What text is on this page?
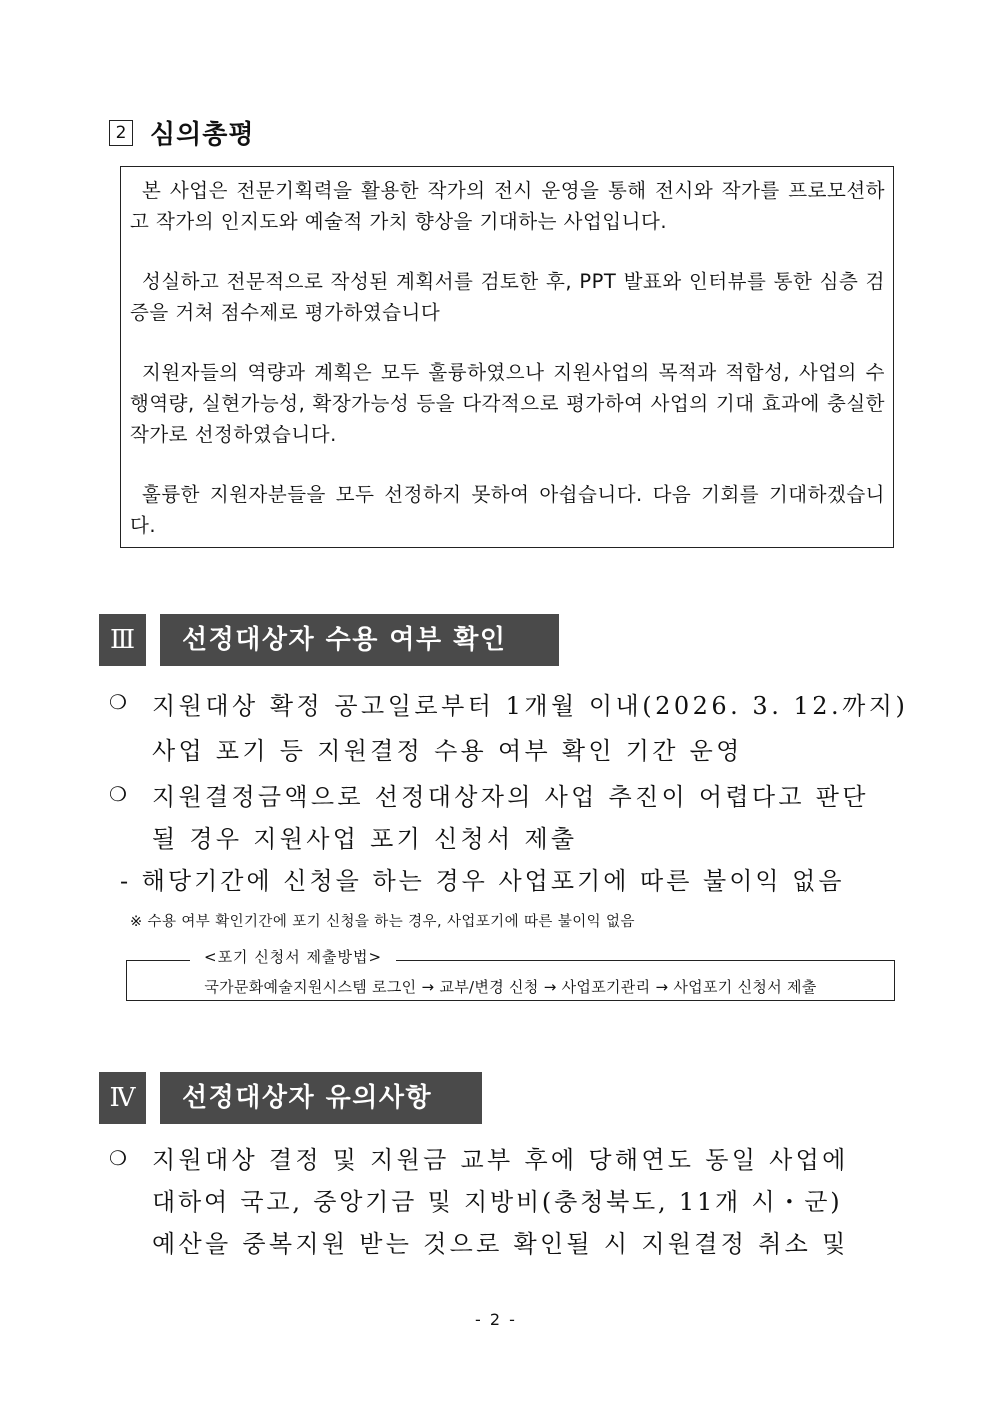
2 심의총평

본 사업은 전문기획력을 활용한 작가의 전시 운영을 통해 전시와 작가를 프로모션하고 작가의 인지도와 예술적 가치 향상을 기대하는 사업입니다.

성실하고 전문적으로 작성된 계획서를 검토한 후, PPT 발표와 인터뷰를 통한 심층 검증을 거쳐 점수제로 평가하였습니다

지원자들의 역량과 계획은 모두 훌륭하였으나 지원사업의 목적과 적합성, 사업의 수행역량, 실현가능성, 확장가능성 등을 다각적으로 평가하여 사업의 기대 효과에 충실한 작가로 선정하였습니다.

훌륭한 지원자분들을 모두 선정하지 못하여 아쉽습니다. 다음 기회를 기대하겠습니다.

Ⅲ	선정대상자 수용 여부 확인
❍ 지원대상 확정 공고일로부터 1개월 이내(2026. 3. 12.까지)
사업 포기 등 지원결정 수용 여부 확인 기간 운영
❍ 지원결정금액으로 선정대상자의 사업 추진이 어렵다고 판단
될 경우 지원사업 포기 신청서 제출
- 해당기간에 신청을 하는 경우 사업포기에 따른 불이익 없음
※ 수용 여부 확인기간에 포기 신청을 하는 경우, 사업포기에 따른 불이익 없음
<포기 신청서 제출방법>
국가문화예술지원시스템 로그인 → 교부/변경 신청 → 사업포기관리 → 사업포기 신청서 제출
Ⅳ	선정대상자 유의사항
❍ 지원대상 결정 및 지원금 교부 후에 당해연도 동일 사업에
대하여 국고, 중앙기금 및 지방비(충청북도, 11개 시・군)
예산을 중복지원 받는 것으로 확인될 시 지원결정 취소 및
- 2 -
